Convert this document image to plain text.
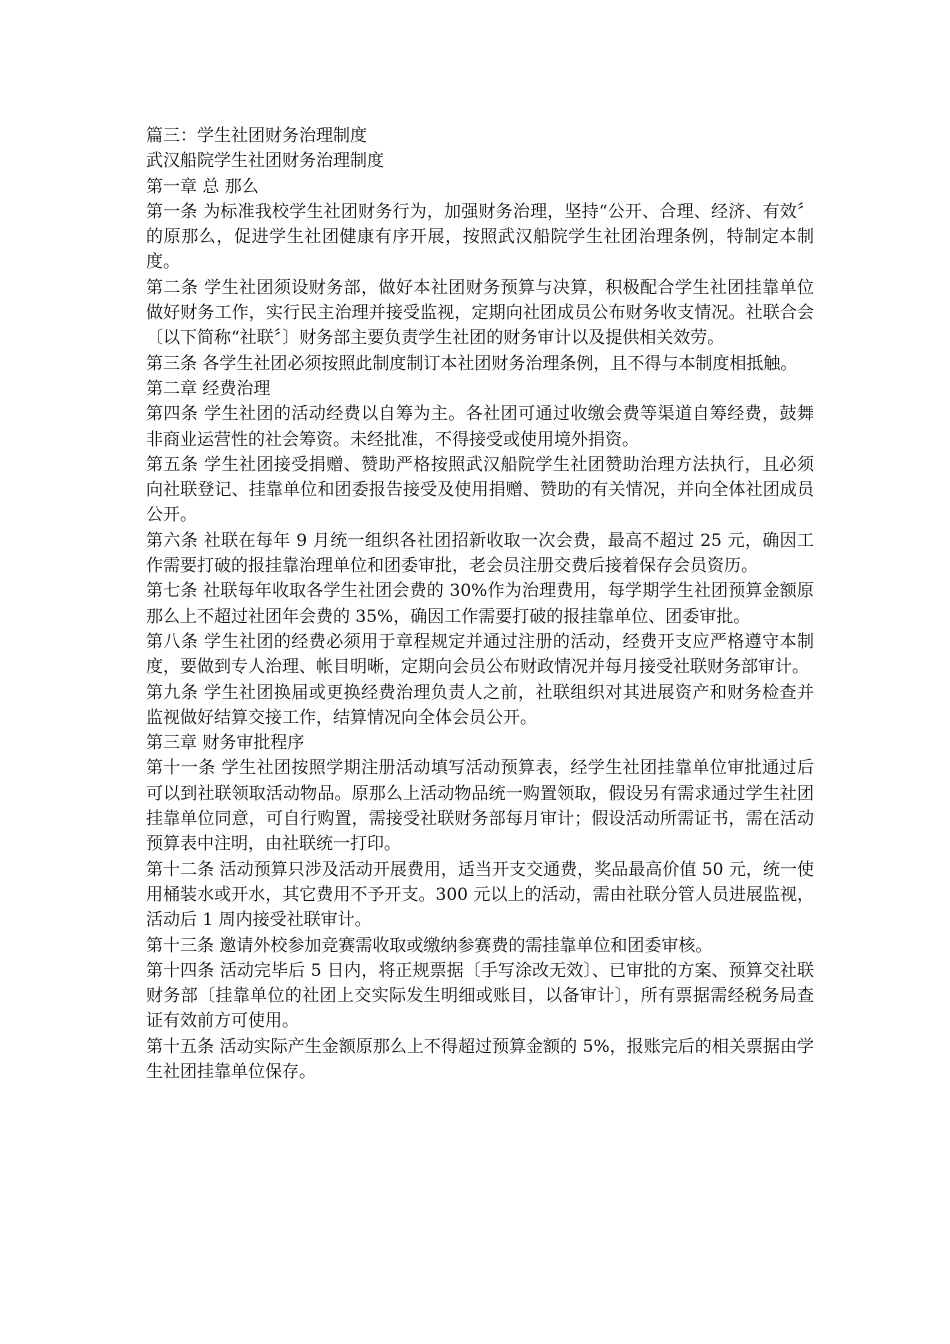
篇三：学生社团财务治理制度

武汉船院学生社团财务治理制度

第一章 总 那么

第一条 为标准我校学生社团财务行为，加强财务治理，坚持“公开、合理、经济、有效〞的原那么，促进学生社团健康有序开展，按照武汉船院学生社团治理条例，特制定本制度。

第二条 学生社团须设财务部，做好本社团财务预算与决算，积极配合学生社团挂靠单位做好财务工作，实行民主治理并接受监视，定期向社团成员公布财务收支情况。社联合会〔以下简称“社联〞〕财务部主要负责学生社团的财务审计以及提供相关效劳。

第三条 各学生社团必须按照此制度制订本社团财务治理条例，且不得与本制度相抵触。

第二章 经费治理

第四条 学生社团的活动经费以自筹为主。各社团可通过收缴会费等渠道自筹经费，鼓舞非商业运营性的社会筹资。未经批准，不得接受或使用境外捐资。

第五条 学生社团接受捐赠、赞助严格按照武汉船院学生社团赞助治理方法执行，且必须向社联登记、挂靠单位和团委报告接受及使用捐赠、赞助的有关情况，并向全体社团成员公开。

第六条 社联在每年 9 月统一组织各社团招新收取一次会费，最高不超过 25 元，确因工作需要打破的报挂靠治理单位和团委审批，老会员注册交费后接着保存会员资历。

第七条 社联每年收取各学生社团会费的 30%作为治理费用，每学期学生社团预算金额原那么上不超过社团年会费的 35%，确因工作需要打破的报挂靠单位、团委审批。

第八条 学生社团的经费必须用于章程规定并通过注册的活动，经费开支应严格遵守本制度，要做到专人治理、帐目明晰，定期向会员公布财政情况并每月接受社联财务部审计。

第九条 学生社团换届或更换经费治理负责人之前，社联组织对其进展资产和财务检查并监视做好结算交接工作，结算情况向全体会员公开。

第三章 财务审批程序

第十一条 学生社团按照学期注册活动填写活动预算表，经学生社团挂靠单位审批通过后可以到社联领取活动物品。原那么上活动物品统一购置领取，假设另有需求通过学生社团挂靠单位同意，可自行购置，需接受社联财务部每月审计；假设活动所需证书，需在活动预算表中注明，由社联统一打印。

第十二条 活动预算只涉及活动开展费用，适当开支交通费，奖品最高价值 50 元，统一使用桶装水或开水，其它费用不予开支。300 元以上的活动，需由社联分管人员进展监视，活动后 1 周内接受社联审计。

第十三条 邀请外校参加竞赛需收取或缴纳参赛费的需挂靠单位和团委审核。

第十四条 活动完毕后 5 日内，将正规票据〔手写涂改无效〕、已审批的方案、预算交社联财务部〔挂靠单位的社团上交实际发生明细或账目，以备审计〕，所有票据需经税务局查证有效前方可使用。

第十五条 活动实际产生金额原那么上不得超过预算金额的 5%，报账完后的相关票据由学生社团挂靠单位保存。
